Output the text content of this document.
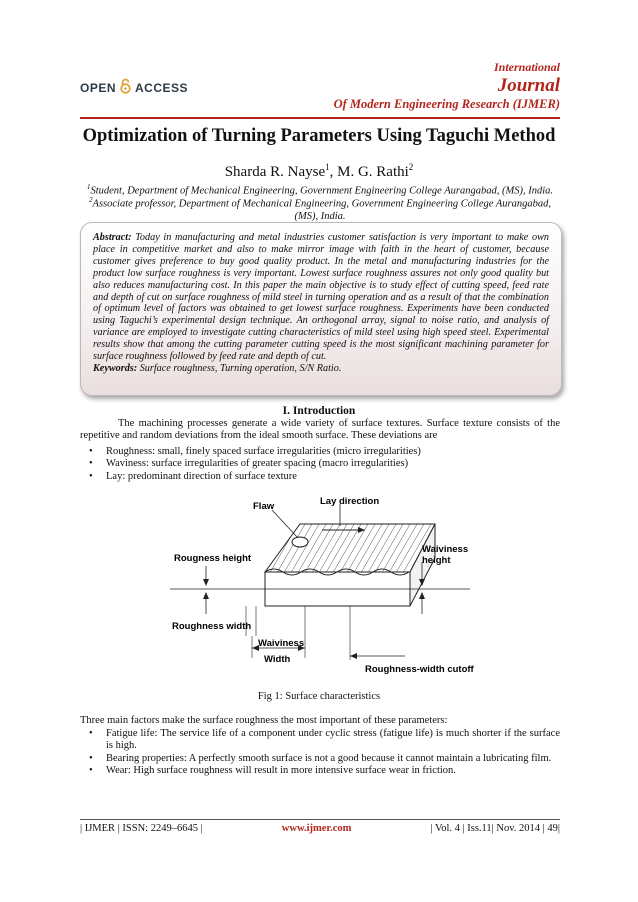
OPEN ACCESS
International
Journal
Of Modern Engineering Research (IJMER)
Optimization of Turning Parameters Using Taguchi Method
Sharda R. Nayse$^1$, M. G. Rathi$^2$
$^1$Student, Department of Mechanical Engineering, Government Engineering College Aurangabad, (MS), India.
$^2$Associate professor, Department of Mechanical Engineering, Government Engineering College Aurangabad, (MS), India.

Abstract: Today in manufacturing and metal industries customer satisfaction is very important to make own place in competitive market and also to make mirror image with faith in the heart of customer, because customer gives preference to buy good quality product. In the metal and manufacturing industries for the product low surface roughness is very important. Lowest surface roughness assures not only good quality but also reduces manufacturing cost. In this paper the main objective is to study effect of cutting speed, feed rate and depth of cut on surface roughness of mild steel in turning operation and as a result of that the combination of optimum level of factors was obtained to get lowest surface roughness. Experiments have been conducted using Taguchi’s experimental design technique. An orthogonal array, signal to noise ratio, and analysis of variance are employed to investigate cutting characteristics of mild steel using high speed steel. Experimental results show that among the cutting parameter cutting speed is the most significant machining parameter for surface roughness followed by feed rate and depth of cut.

Keywords: Surface roughness, Turning operation, S/N Ratio.

I. Introduction
The machining processes generate a wide variety of surface textures. Surface texture consists of the repetitive and random deviations from the ideal smooth surface. These deviations are
• Roughness: small, finely spaced surface irregularities (micro irregularities)
• Waviness: surface irregularities of greater spacing (macro irregularities)
• Lay: predominant direction of surface texture
Flaw	Lay direction
Waiviness
height
Rougness height
Roughness width
Waiviness
Width
Roughness-width cutoff
Fig 1: Surface characteristics
Three main factors make the surface roughness the most important of these parameters:
• Fatigue life: The service life of a component under cyclic stress (fatigue life) is much shorter if the surface is high.
• Bearing properties: A perfectly smooth surface is not a good because it cannot maintain a lubricating film.
• Wear: High surface roughness will result in more intensive surface wear in friction.
| IJMER | ISSN: 2249–6645 |	www.ijmer.com	| Vol. 4 | Iss.11| Nov. 2014 | 49|
